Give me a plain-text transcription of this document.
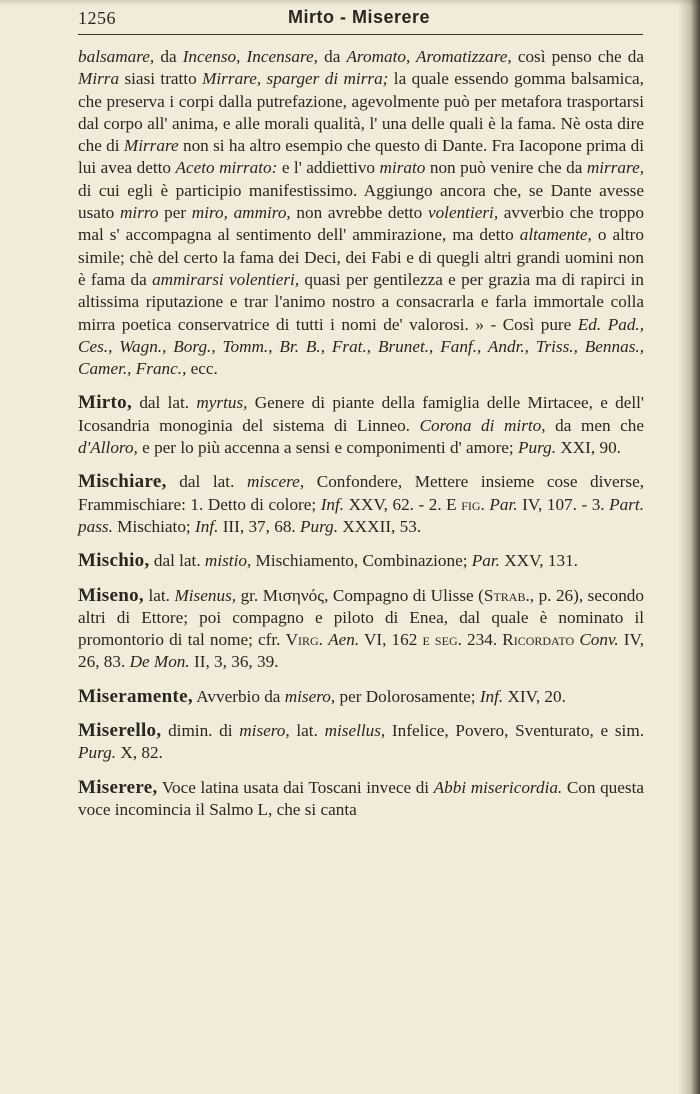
1256	Mirto - Miserere

balsamare, da Incenso, Incensare, da Aromato, Aromatizzare, così penso che da Mirra siasi tratto Mirrare, sparger di mirra; la quale essendo gomma balsamica, che preserva i corpi dalla putrefazione, agevolmente può per metafora trasportarsi dal corpo all' anima, e alle morali qualità, l' una delle quali è la fama. Nè osta dire che di Mirrare non si ha altro esempio che questo di Dante. Fra Iacopone prima di lui avea detto Aceto mirrato: e l' addiettivo mirato non può venire che da mirrare, di cui egli è participio manifestissimo. Aggiungo ancora che, se Dante avesse usato mirro per miro, ammiro, non avrebbe detto volentieri, avverbio che troppo mal s' accompagna al sentimento dell' ammirazione, ma detto altamente, o altro simile; chè del certo la fama dei Deci, dei Fabi e di quegli altri grandi uomini non è fama da ammirarsi volentieri, quasi per gentilezza e per grazia ma di rapirci in altissima riputazione e trar l'animo nostro a consacrarla e farla immortale colla mirra poetica conservatrice di tutti i nomi de' valorosi. » - Così pure Ed. Pad., Ces., Wagn., Borg., Tomm., Br. B., Frat., Brunet., Fanf., Andr., Triss., Bennas., Camer., Franc., ecc.

Mirto, dal lat. myrtus, Genere di piante della famiglia delle Mirtacee, e dell' Icosandria monoginia del sistema di Linneo. Corona di mirto, da men che d'Alloro, e per lo più accenna a sensi e componimenti d' amore; Purg. XXI, 90.

Mischiare, dal lat. miscere, Confondere, Mettere insieme cose diverse, Frammischiare: 1. Detto di colore; Inf. XXV, 62. - 2. E fig. Par. IV, 107. - 3. Part. pass. Mischiato; Inf. III, 37, 68. Purg. XXXII, 53.

Mischio, dal lat. mistio, Mischiamento, Combinazione; Par. XXV, 131.

Miseno, lat. Misenus, gr. Μισηνός, Compagno di Ulisse (Strab., p. 26), secondo altri di Ettore; poi compagno e piloto di Enea, dal quale è nominato il promontorio di tal nome; cfr. Virg. Aen. VI, 162 e seg. 234. Ricordato Conv. IV, 26, 83. De Mon. II, 3, 36, 39.

Miseramente, Avverbio da misero, per Dolorosamente; Inf. XIV, 20.

Miserello, dimin. di misero, lat. misellus, Infelice, Povero, Sventurato, e sim. Purg. X, 82.

Miserere, Voce latina usata dai Toscani invece di Abbi misericordia. Con questa voce incomincia il Salmo L, che si canta
